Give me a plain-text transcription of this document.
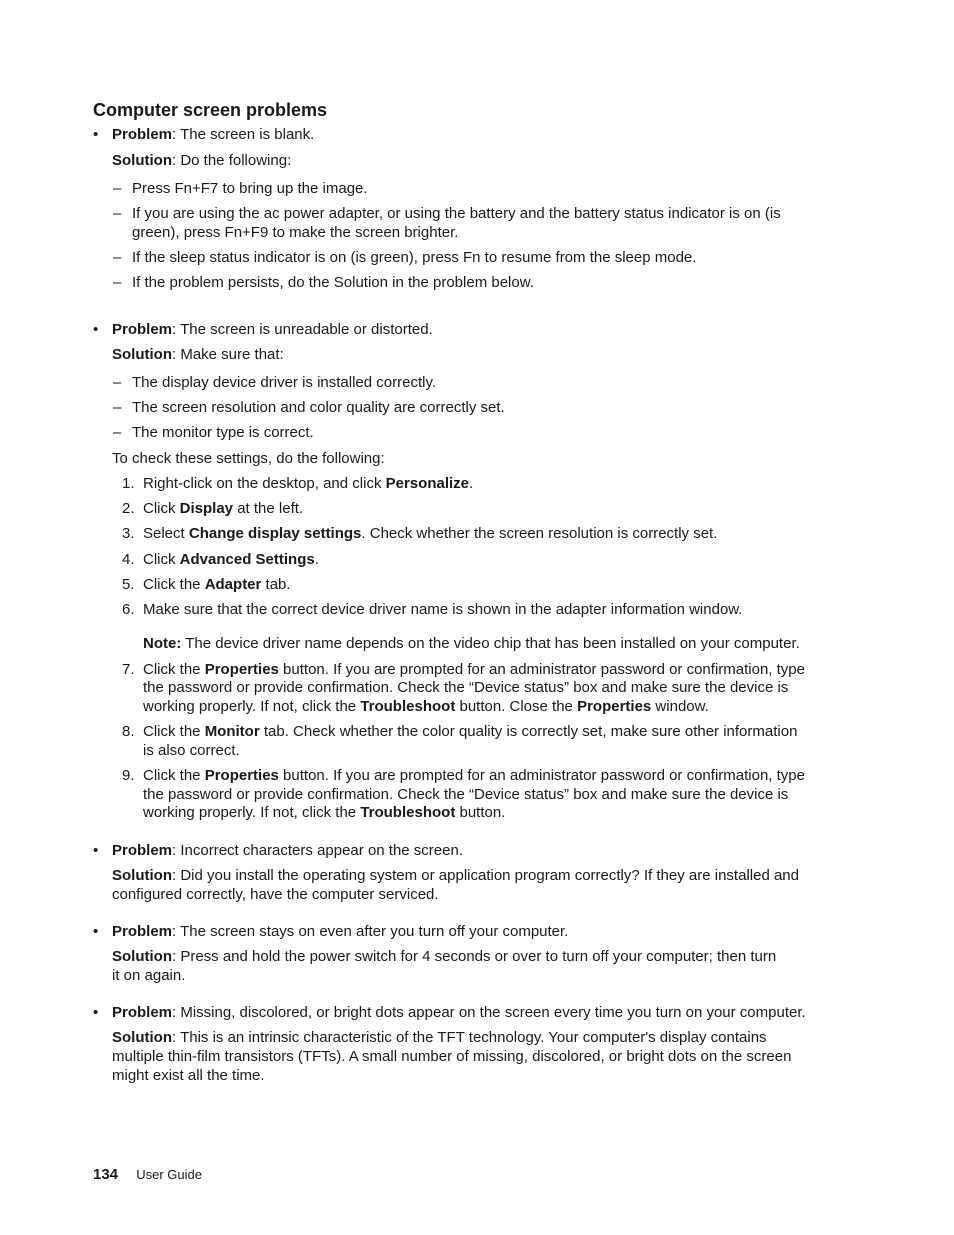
Computer screen problems
• Problem: The screen is blank.
Solution: Do the following:
– Press Fn+F7 to bring up the image.
– If you are using the ac power adapter, or using the battery and the battery status indicator is on (is
green), press Fn+F9 to make the screen brighter.
– If the sleep status indicator is on (is green), press Fn to resume from the sleep mode.
– If the problem persists, do the Solution in the problem below.
• Problem: The screen is unreadable or distorted.
Solution: Make sure that:
– The display device driver is installed correctly.
– The screen resolution and color quality are correctly set.
– The monitor type is correct.
To check these settings, do the following:
1. Right-click on the desktop, and click Personalize.
2. Click Display at the left.
3. Select Change display settings. Check whether the screen resolution is correctly set.
4. Click Advanced Settings.
5. Click the Adapter tab.
6. Make sure that the correct device driver name is shown in the adapter information window.
Note: The device driver name depends on the video chip that has been installed on your computer.
7. Click the Properties button. If you are prompted for an administrator password or confirmation, type
the password or provide confirmation. Check the “Device status” box and make sure the device is
working properly. If not, click the Troubleshoot button. Close the Properties window.
8. Click the Monitor tab. Check whether the color quality is correctly set, make sure other information
is also correct.
9. Click the Properties button. If you are prompted for an administrator password or confirmation, type
the password or provide confirmation. Check the “Device status” box and make sure the device is
working properly. If not, click the Troubleshoot button.
• Problem: Incorrect characters appear on the screen.
Solution: Did you install the operating system or application program correctly? If they are installed and
configured correctly, have the computer serviced.
• Problem: The screen stays on even after you turn off your computer.
Solution: Press and hold the power switch for 4 seconds or over to turn off your computer; then turn
it on again.
• Problem: Missing, discolored, or bright dots appear on the screen every time you turn on your computer.
Solution: This is an intrinsic characteristic of the TFT technology. Your computer's display contains
multiple thin-film transistors (TFTs). A small number of missing, discolored, or bright dots on the screen
might exist all the time.
134 User Guide
